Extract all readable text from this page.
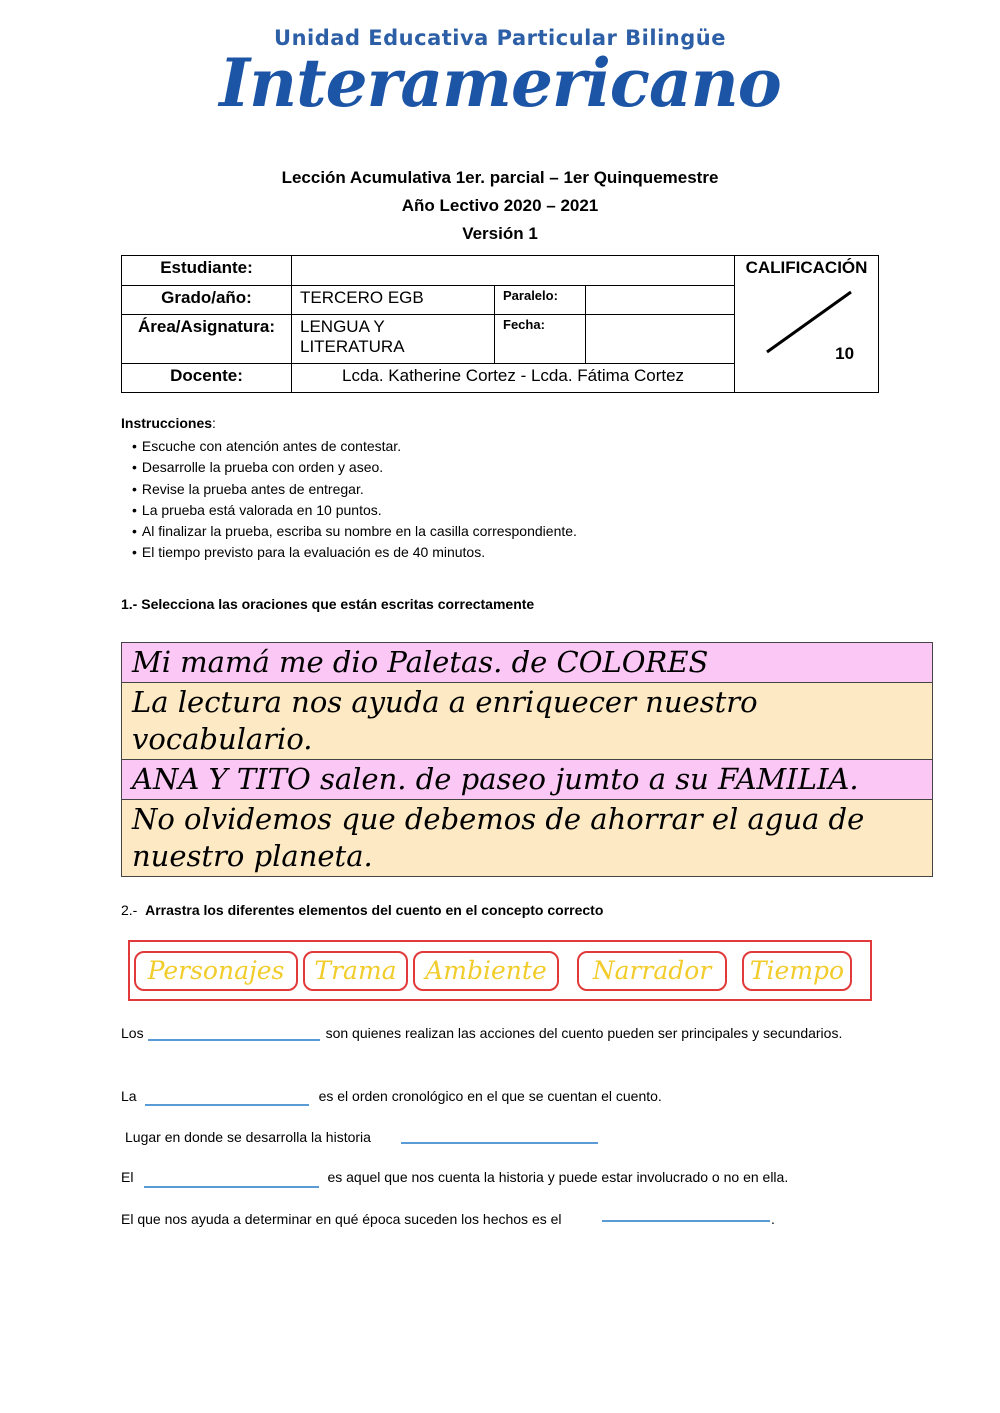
Unidad Educativa Particular Bilingüe
Interamericano
Lección Acumulativa 1er. parcial – 1er Quinquemestre
Año Lectivo 2020 – 2021
Versión 1
Estudiante:				CALIFICACIÓN
10

Grado/año:	TERCERO EGB	Paralelo:		
Área/Asignatura:	LENGUA Y LITERATURA	Fecha:		
Docente:	Lcda. Katherine Cortez - Lcda. Fátima Cortez			
Instrucciones:
• Escuche con atención antes de contestar.
• Desarrolle la prueba con orden y aseo.
• Revise la prueba antes de entregar.
• La prueba está valorada en 10 puntos.
• Al finalizar la prueba, escriba su nombre en la casilla correspondiente.
• El tiempo previsto para la evaluación es de 40 minutos.
1.- Selecciona las oraciones que están escritas correctamente
Mi mamá me dio Paletas. de COLORES
La lectura nos ayuda a enriquecer nuestro vocabulario.
ANA Y TITO salen. de paseo jumto a su FAMILIA.
No olvidemos que debemos de ahorrar el agua de nuestro planeta.
2.- Arrastra los diferentes elementos del cuento en el concepto correcto
Personajes	Trama	Ambiente	Narrador	Tiempo
Los	son quienes realizan las acciones del cuento pueden ser principales y secundarios.
La	es el orden cronológico en el que se cuentan el cuento.
Lugar en donde se desarrolla la historia
El	es aquel que nos cuenta la historia y puede estar involucrado o no en ella.
El que nos ayuda a determinar en qué época suceden los hechos es el	.
